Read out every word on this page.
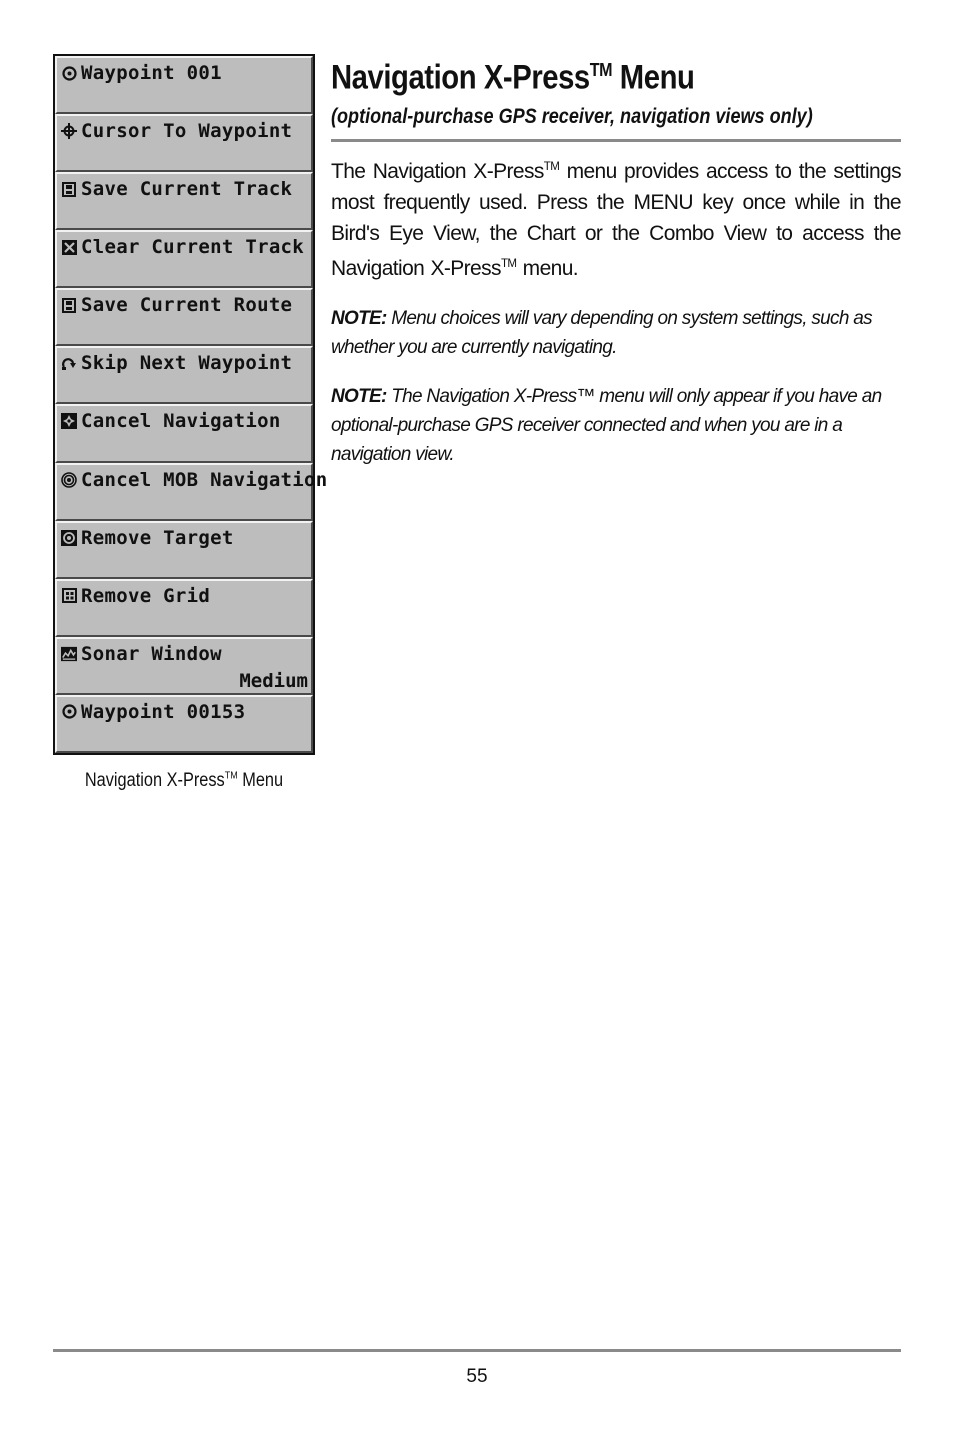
Waypoint 001
Cursor To Waypoint
Save Current Track
Clear Current Track
Save Current Route
Skip Next Waypoint
Cancel Navigation
Cancel MOB Navigation
Remove Target
Remove Grid
Sonar Window
Medium
Waypoint 00153
Navigation X-Press™ Menu
Navigation X-Press™ Menu
(optional-purchase GPS receiver, navigation views only)

The Navigation X-Press™ menu provides access to the settings most frequently used. Press the MENU key once while in the Bird's Eye View, the Chart or the Combo View to access the Navigation X-Press™ menu.

NOTE: Menu choices will vary depending on system settings, such as whether you are currently navigating.

NOTE: The Navigation X-Press™ menu will only appear if you have an optional-purchase GPS receiver connected and when you are in a navigation view.

55
